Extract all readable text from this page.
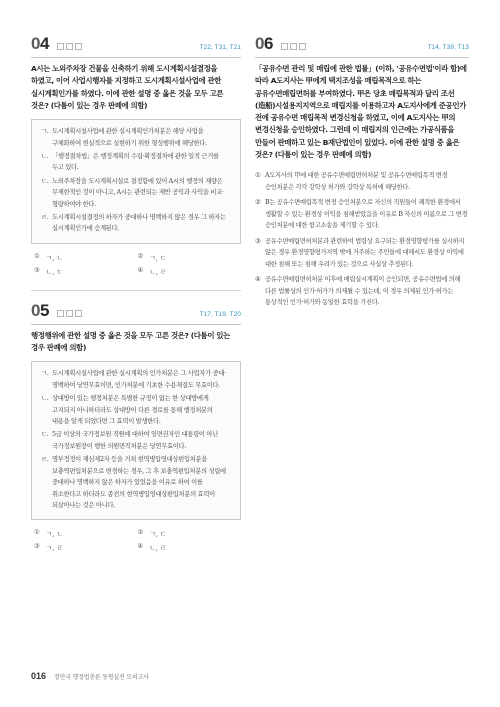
04	T22, T31, T21

A시는 노외주차장 건물을 신축하기 위해 도시계획시설결정을 하였고, 이어 사업시행자를 지정하고 도시계획시설사업에 관한 실시계획인가를 하였다. 이에 관한 설명 중 옳은 것을 모두 고른 것은? (다툼이 있는 경우 판례에 의함)

ㄱ. 도시계획시설사업에 관한 실시계획인가처분은 해당 사업을 구체화하여 현실적으로 실현하기 위한 형성행위에 해당한다.
ㄴ. 「행정절차법」은 행정계획의 수립·확정절차에 관한 일적 근거를 두고 있다.
ㄷ. 노외주차장을 도시계획시설로 결정함에 있어 A시의 행정의 재량은 무제한적인 것이 아니고, A시는 관련되는 제반 공익과 사익을 비교·형량하여야 한다.
ㄹ. 도시계획시설결정의 하자가 중대하나 명백하지 않은 경우 그 하자는 실시계획인가에 승계된다.
① ㄱ, ㄴ	② ㄱ, ㄷ
③ ㄴ, ㄷ	④ ㄴ, ㄹ
05	T17, T19, T20

행정행위에 관한 설명 중 옳은 것을 모두 고른 것은? (다툼이 있는 경우 판례에 의함)

ㄱ. 도시계획시설사업에 관한 실시계획의 인가처분은 그 사업자가 중대·명백하여 당연무효이면, 인가처분에 기초한 수용재결도 무효이다.
ㄴ. 상대방이 있는 행정처분은 특별한 규정이 없는 한 상대방에게 고지되지 아니하더라도 상대방이 다른 경로를 통해 행정처분의 내용을 알게 되었다면 그 효력이 발생한다.
ㄷ. 5급 이상의 국가정보원 직원에 대하여 임면권자인 대통령이 아닌 국가정보원장이 행한 의원면직처분은 당연무효이다.
ㄹ. 명부정정이 재심제2자 등을 거쳐 현역병입영대상편입처분을 보충역편입처분으로 변경하는 경우, 그 후 보충역편입처분의 성립에 중대하나 명백하지 않은 하자가 있었음을 이유로 하여 이를 취소한다고 하더라도 종전의 현역병입영대상편입처분의 효력이 되살아나는 것은 아니다.
① ㄱ, ㄴ	② ㄱ, ㄷ
③ ㄱ, ㄹ	④ ㄴ, ㄹ
06	T14, T39, T13

「공유수면 관리 및 매립에 관한 법률」(이하, '공유수면법'이라 함)에 따라 A도지사는 甲에게 택지조성을 매립목적으로 하는 공유수면매립면허를 부여하였다. 甲은 당초 매립목적과 달리 조선(造船)시설용지지역으로 매립지를 이용하고자 A도지사에게 준공인가 전에 공유수면 매립목적 변경신청을 하였고, 이에 A도지사는 甲의 변경신청을 승인하였다. 그런데 이 매립지의 인근에는 가공식품을 만들어 판매하고 있는 B재단법인이 있었다. 이에 관한 설명 중 옳은 것은? (다툼이 있는 경우 판례에 의함)

① A도지사의 甲에 대한 공유수면매립면허처분 및 공유수면매립목적 변경 승인처분은 각각 강학상 허가와 강학상 특허에 해당한다.
② B는 공유수면매립목적 변경 승인처분으로 자신의 직원들이 쾌적한 환경에서 생활할 수 있는 환경상 이익을 침해받았음을 이유로 B 자신의 이름으로 그 변경 승인처분에 대한 항고소송을 제기할 수 있다.
③ 공유수면매립면허처분과 관련하여 법령상 요구되는 환경영향평가를 실시하지 않은 경우 환경영향평가지역 밖에 거주하는 주민들에 대해서도 환경상 이익에 대한 침해 또는 침해 우려가 있는 것으로 사실상 추정된다.
④ 공유수면매립면허처분 이후에 매립실시계획이 승인되면, 공유수면법에 의해 다른 법률상의 인가·허가가 의제될 수 있는데, 이 경우 의제된 인가·허가는 통상적인 인가·허가와 동일한 효력을 가진다.
016 장안국 행정법총론 동형실전 모의고사
